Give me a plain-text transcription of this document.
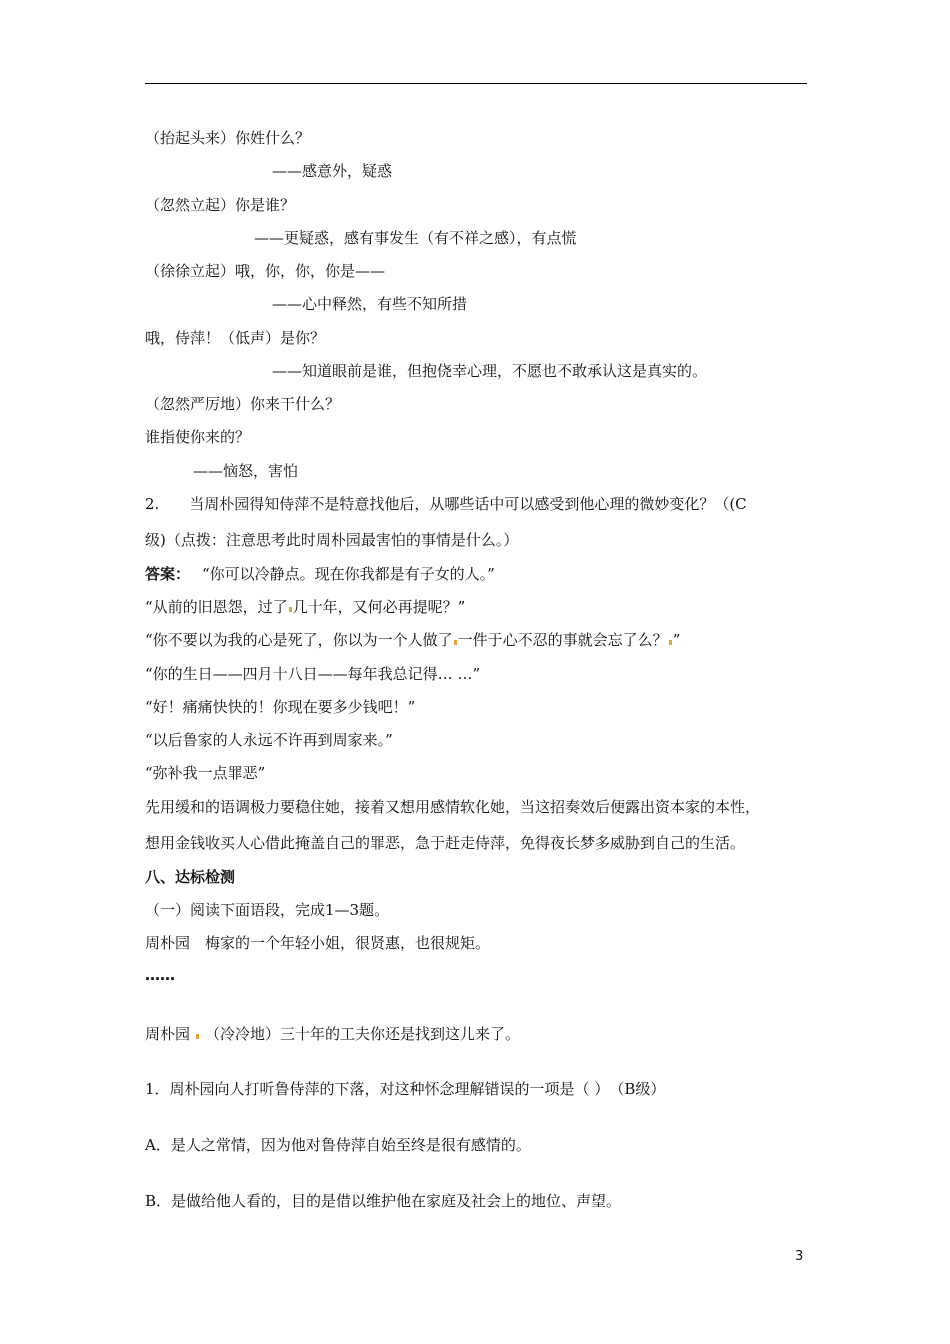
（抬起头来）你姓什么？
——感意外，疑惑
（忽然立起）你是谁？
——更疑惑，感有事发生（有不祥之感），有点慌
（徐徐立起）哦，你，你，你是——
——心中释然，有些不知所措
哦，侍萍！（低声）是你？
——知道眼前是谁，但抱侥幸心理，不愿也不敢承认这是真实的。
（忽然严厉地）你来干什么？
谁指使你来的？
——恼怒，害怕
2.　　当周朴园得知侍萍不是特意找他后，从哪些话中可以感受到他心理的微妙变化？（(C
级)（点拨：注意思考此时周朴园最害怕的事情是什么。）
答案： “你可以冷静点。现在你我都是有子女的人。”
“从前的旧恩怨，过了 几十年，又何必再提呢？”
“你不要以为我的心是死了，你以为一个人做了 一件于心不忍的事就会忘了么？ ”
“你的生日——四月十八日——每年我总记得… …”
“好！痛痛快快的！你现在要多少钱吧！”
“以后鲁家的人永远不许再到周家来。”
“弥补我一点罪恶”
先用缓和的语调极力要稳住她，接着又想用感情软化她，当这招奏效后便露出资本家的本性，
想用金钱收买人心借此掩盖自己的罪恶，急于赶走侍萍，免得夜长梦多威胁到自己的生活。
八、达标检测
（一）阅读下面语段，完成1—3题。
周朴园　梅家的一个年轻小姐，很贤惠，也很规矩。
……
周朴园 （冷冷地）三十年的工夫你还是找到这儿来了。
1．周朴园向人打听鲁侍萍的下落，对这种怀念理解错误的一项是（ ）　（B级）
A．是人之常情，因为他对鲁侍萍自始至终是很有感情的。
B．是做给他人看的，目的是借以维护他在家庭及社会上的地位、声望。
3
